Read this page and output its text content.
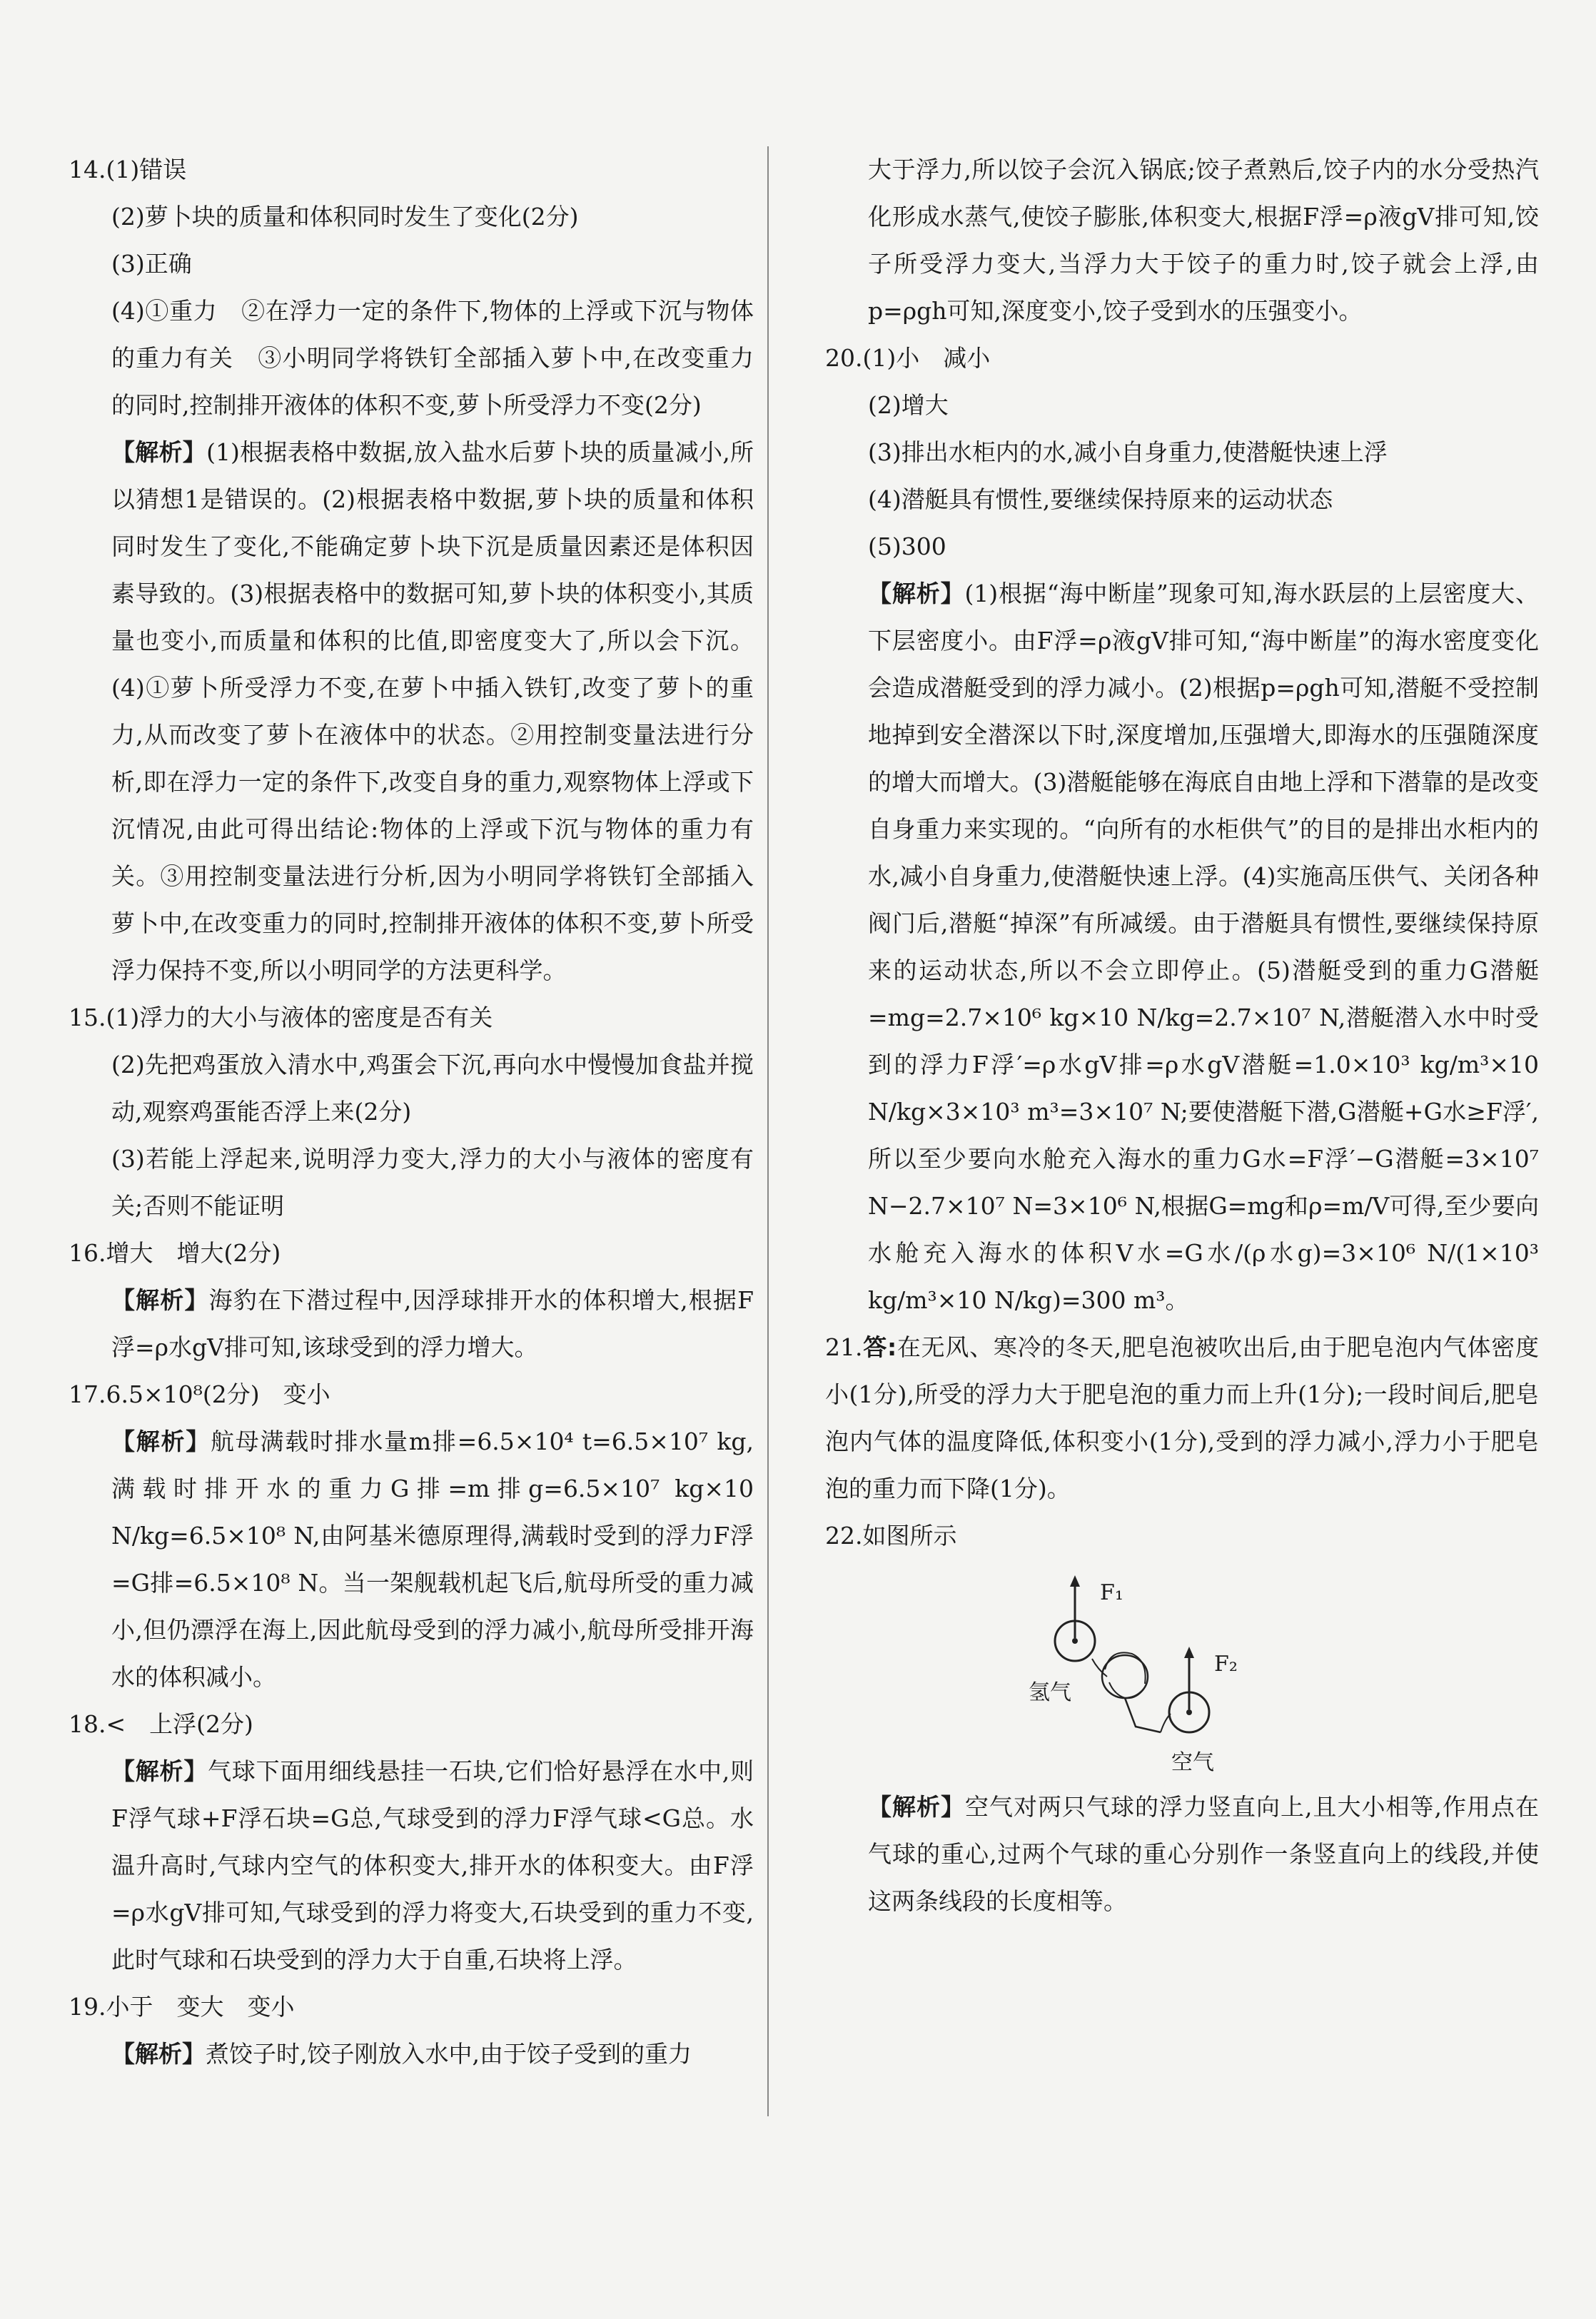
14.(1)错误
(2)萝卜块的质量和体积同时发生了变化(2分)
(3)正确
(4)①重力　②在浮力一定的条件下,物体的上浮或下沉与物体的重力有关　③小明同学将铁钉全部插入萝卜中,在改变重力的同时,控制排开液体的体积不变,萝卜所受浮力不变(2分)
【解析】(1)根据表格中数据,放入盐水后萝卜块的质量减小,所以猜想1是错误的。(2)根据表格中数据,萝卜块的质量和体积同时发生了变化,不能确定萝卜块下沉是质量因素还是体积因素导致的。(3)根据表格中的数据可知,萝卜块的体积变小,其质量也变小,而质量和体积的比值,即密度变大了,所以会下沉。(4)①萝卜所受浮力不变,在萝卜中插入铁钉,改变了萝卜的重力,从而改变了萝卜在液体中的状态。②用控制变量法进行分析,即在浮力一定的条件下,改变自身的重力,观察物体上浮或下沉情况,由此可得出结论:物体的上浮或下沉与物体的重力有关。③用控制变量法进行分析,因为小明同学将铁钉全部插入萝卜中,在改变重力的同时,控制排开液体的体积不变,萝卜所受浮力保持不变,所以小明同学的方法更科学。
15.(1)浮力的大小与液体的密度是否有关
(2)先把鸡蛋放入清水中,鸡蛋会下沉,再向水中慢慢加食盐并搅动,观察鸡蛋能否浮上来(2分)
(3)若能上浮起来,说明浮力变大,浮力的大小与液体的密度有关;否则不能证明
16.增大　增大(2分)
【解析】海豹在下潜过程中,因浮球排开水的体积增大,根据F浮=ρ水gV排可知,该球受到的浮力增大。
17.6.5×10⁸(2分)　变小
【解析】航母满载时排水量m排=6.5×10⁴ t=6.5×10⁷ kg,满载时排开水的重力G排=m排g=6.5×10⁷ kg×10 N/kg=6.5×10⁸ N,由阿基米德原理得,满载时受到的浮力F浮=G排=6.5×10⁸ N。当一架舰载机起飞后,航母所受的重力减小,但仍漂浮在海上,因此航母受到的浮力减小,航母所受排开海水的体积减小。
18.<　上浮(2分)
【解析】气球下面用细线悬挂一石块,它们恰好悬浮在水中,则F浮气球+F浮石块=G总,气球受到的浮力F浮气球<G总。水温升高时,气球内空气的体积变大,排开水的体积变大。由F浮=ρ水gV排可知,气球受到的浮力将变大,石块受到的重力不变,此时气球和石块受到的浮力大于自重,石块将上浮。
19.小于　变大　变小
【解析】煮饺子时,饺子刚放入水中,由于饺子受到的重力
大于浮力,所以饺子会沉入锅底;饺子煮熟后,饺子内的水分受热汽化形成水蒸气,使饺子膨胀,体积变大,根据F浮=ρ液gV排可知,饺子所受浮力变大,当浮力大于饺子的重力时,饺子就会上浮,由p=ρgh可知,深度变小,饺子受到水的压强变小。
20.(1)小　减小
(2)增大
(3)排出水柜内的水,减小自身重力,使潜艇快速上浮
(4)潜艇具有惯性,要继续保持原来的运动状态
(5)300
【解析】(1)根据“海中断崖”现象可知,海水跃层的上层密度大、下层密度小。由F浮=ρ液gV排可知,“海中断崖”的海水密度变化会造成潜艇受到的浮力减小。(2)根据p=ρgh可知,潜艇不受控制地掉到安全潜深以下时,深度增加,压强增大,即海水的压强随深度的增大而增大。(3)潜艇能够在海底自由地上浮和下潜靠的是改变自身重力来实现的。“向所有的水柜供气”的目的是排出水柜内的水,减小自身重力,使潜艇快速上浮。(4)实施高压供气、关闭各种阀门后,潜艇“掉深”有所减缓。由于潜艇具有惯性,要继续保持原来的运动状态,所以不会立即停止。(5)潜艇受到的重力G潜艇=mg=2.7×10⁶ kg×10 N/kg=2.7×10⁷ N,潜艇潜入水中时受到的浮力F浮′=ρ水gV排=ρ水gV潜艇=1.0×10³ kg/m³×10 N/kg×3×10³ m³=3×10⁷ N;要使潜艇下潜,G潜艇+G水≥F浮′,所以至少要向水舱充入海水的重力G水=F浮′−G潜艇=3×10⁷ N−2.7×10⁷ N=3×10⁶ N,根据G=mg和ρ=m/V可得,至少要向水舱充入海水的体积V水=G水/(ρ水g)=3×10⁶ N/(1×10³ kg/m³×10 N/kg)=300 m³。
21.答:在无风、寒冷的冬天,肥皂泡被吹出后,由于肥皂泡内气体密度小(1分),所受的浮力大于肥皂泡的重力而上升(1分);一段时间后,肥皂泡内气体的温度降低,体积变小(1分),受到的浮力减小,浮力小于肥皂泡的重力而下降(1分)。
22.如图所示
F₁
氢气
F₂
空气
【解析】空气对两只气球的浮力竖直向上,且大小相等,作用点在气球的重心,过两个气球的重心分别作一条竖直向上的线段,并使这两条线段的长度相等。
